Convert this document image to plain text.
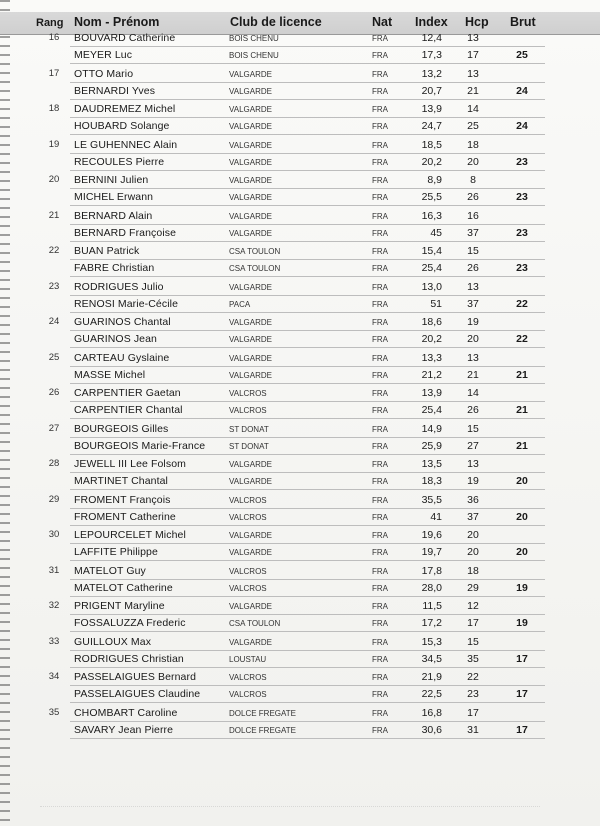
Rang Nom - Prénom	Club de licence	Nat Index Hcp Brut
16	BOUVARD Catherine	BOIS CHENU	FRA	12,4	13
MEYER Luc	BOIS CHENU	FRA	17,3	17	25
17	OTTO Mario	VALGARDE	FRA	13,2	13
BERNARDI Yves	VALGARDE	FRA	20,7	21	24
18	DAUDREMEZ Michel	VALGARDE	FRA	13,9	14
HOUBARD Solange	VALGARDE	FRA	24,7	25	24
19	LE GUHENNEC Alain	VALGARDE	FRA	18,5	18
RECOULES Pierre	VALGARDE	FRA	20,2	20	23
20	BERNINI Julien	VALGARDE	FRA	8,9	8
MICHEL Erwann	VALGARDE	FRA	25,5	26	23
21	BERNARD Alain	VALGARDE	FRA	16,3	16
BERNARD Françoise	VALGARDE	FRA	45	37	23
22	BUAN Patrick	CSA TOULON	FRA	15,4	15
FABRE Christian	CSA TOULON	FRA	25,4	26	23
23	RODRIGUES Julio	VALGARDE	FRA	13,0	13
RENOSI Marie-Cécile	PACA	FRA	51	37	22
24	GUARINOS Chantal	VALGARDE	FRA	18,6	19
GUARINOS Jean	VALGARDE	FRA	20,2	20	22
25	CARTEAU Gyslaine	VALGARDE	FRA	13,3	13
MASSE Michel	VALGARDE	FRA	21,2	21	21
26	CARPENTIER Gaetan	VALCROS	FRA	13,9	14
CARPENTIER Chantal	VALCROS	FRA	25,4	26	21
27	BOURGEOIS Gilles	ST DONAT	FRA	14,9	15
BOURGEOIS Marie-France	ST DONAT	FRA	25,9	27	21
28	JEWELL III Lee Folsom	VALGARDE	FRA	13,5	13
MARTINET Chantal	VALGARDE	FRA	18,3	19	20
29	FROMENT François	VALCROS	FRA	35,5	36
FROMENT Catherine	VALCROS	FRA	41	37	20
30	LEPOURCELET Michel	VALGARDE	FRA	19,6	20
LAFFITE Philippe	VALGARDE	FRA	19,7	20	20
31	MATELOT Guy	VALCROS	FRA	17,8	18
MATELOT Catherine	VALCROS	FRA	28,0	29	19
32	PRIGENT Maryline	VALGARDE	FRA	11,5	12
FOSSALUZZA Frederic	CSA TOULON	FRA	17,2	17	19
33	GUILLOUX Max	VALGARDE	FRA	15,3	15
RODRIGUES Christian	LOUSTAU	FRA	34,5	35	17
34	PASSELAIGUES Bernard	VALCROS	FRA	21,9	22
PASSELAIGUES Claudine	VALCROS	FRA	22,5	23	17
35	CHOMBART Caroline	DOLCE FREGATE	FRA	16,8	17
SAVARY Jean Pierre	DOLCE FREGATE	FRA	30,6	31	17
